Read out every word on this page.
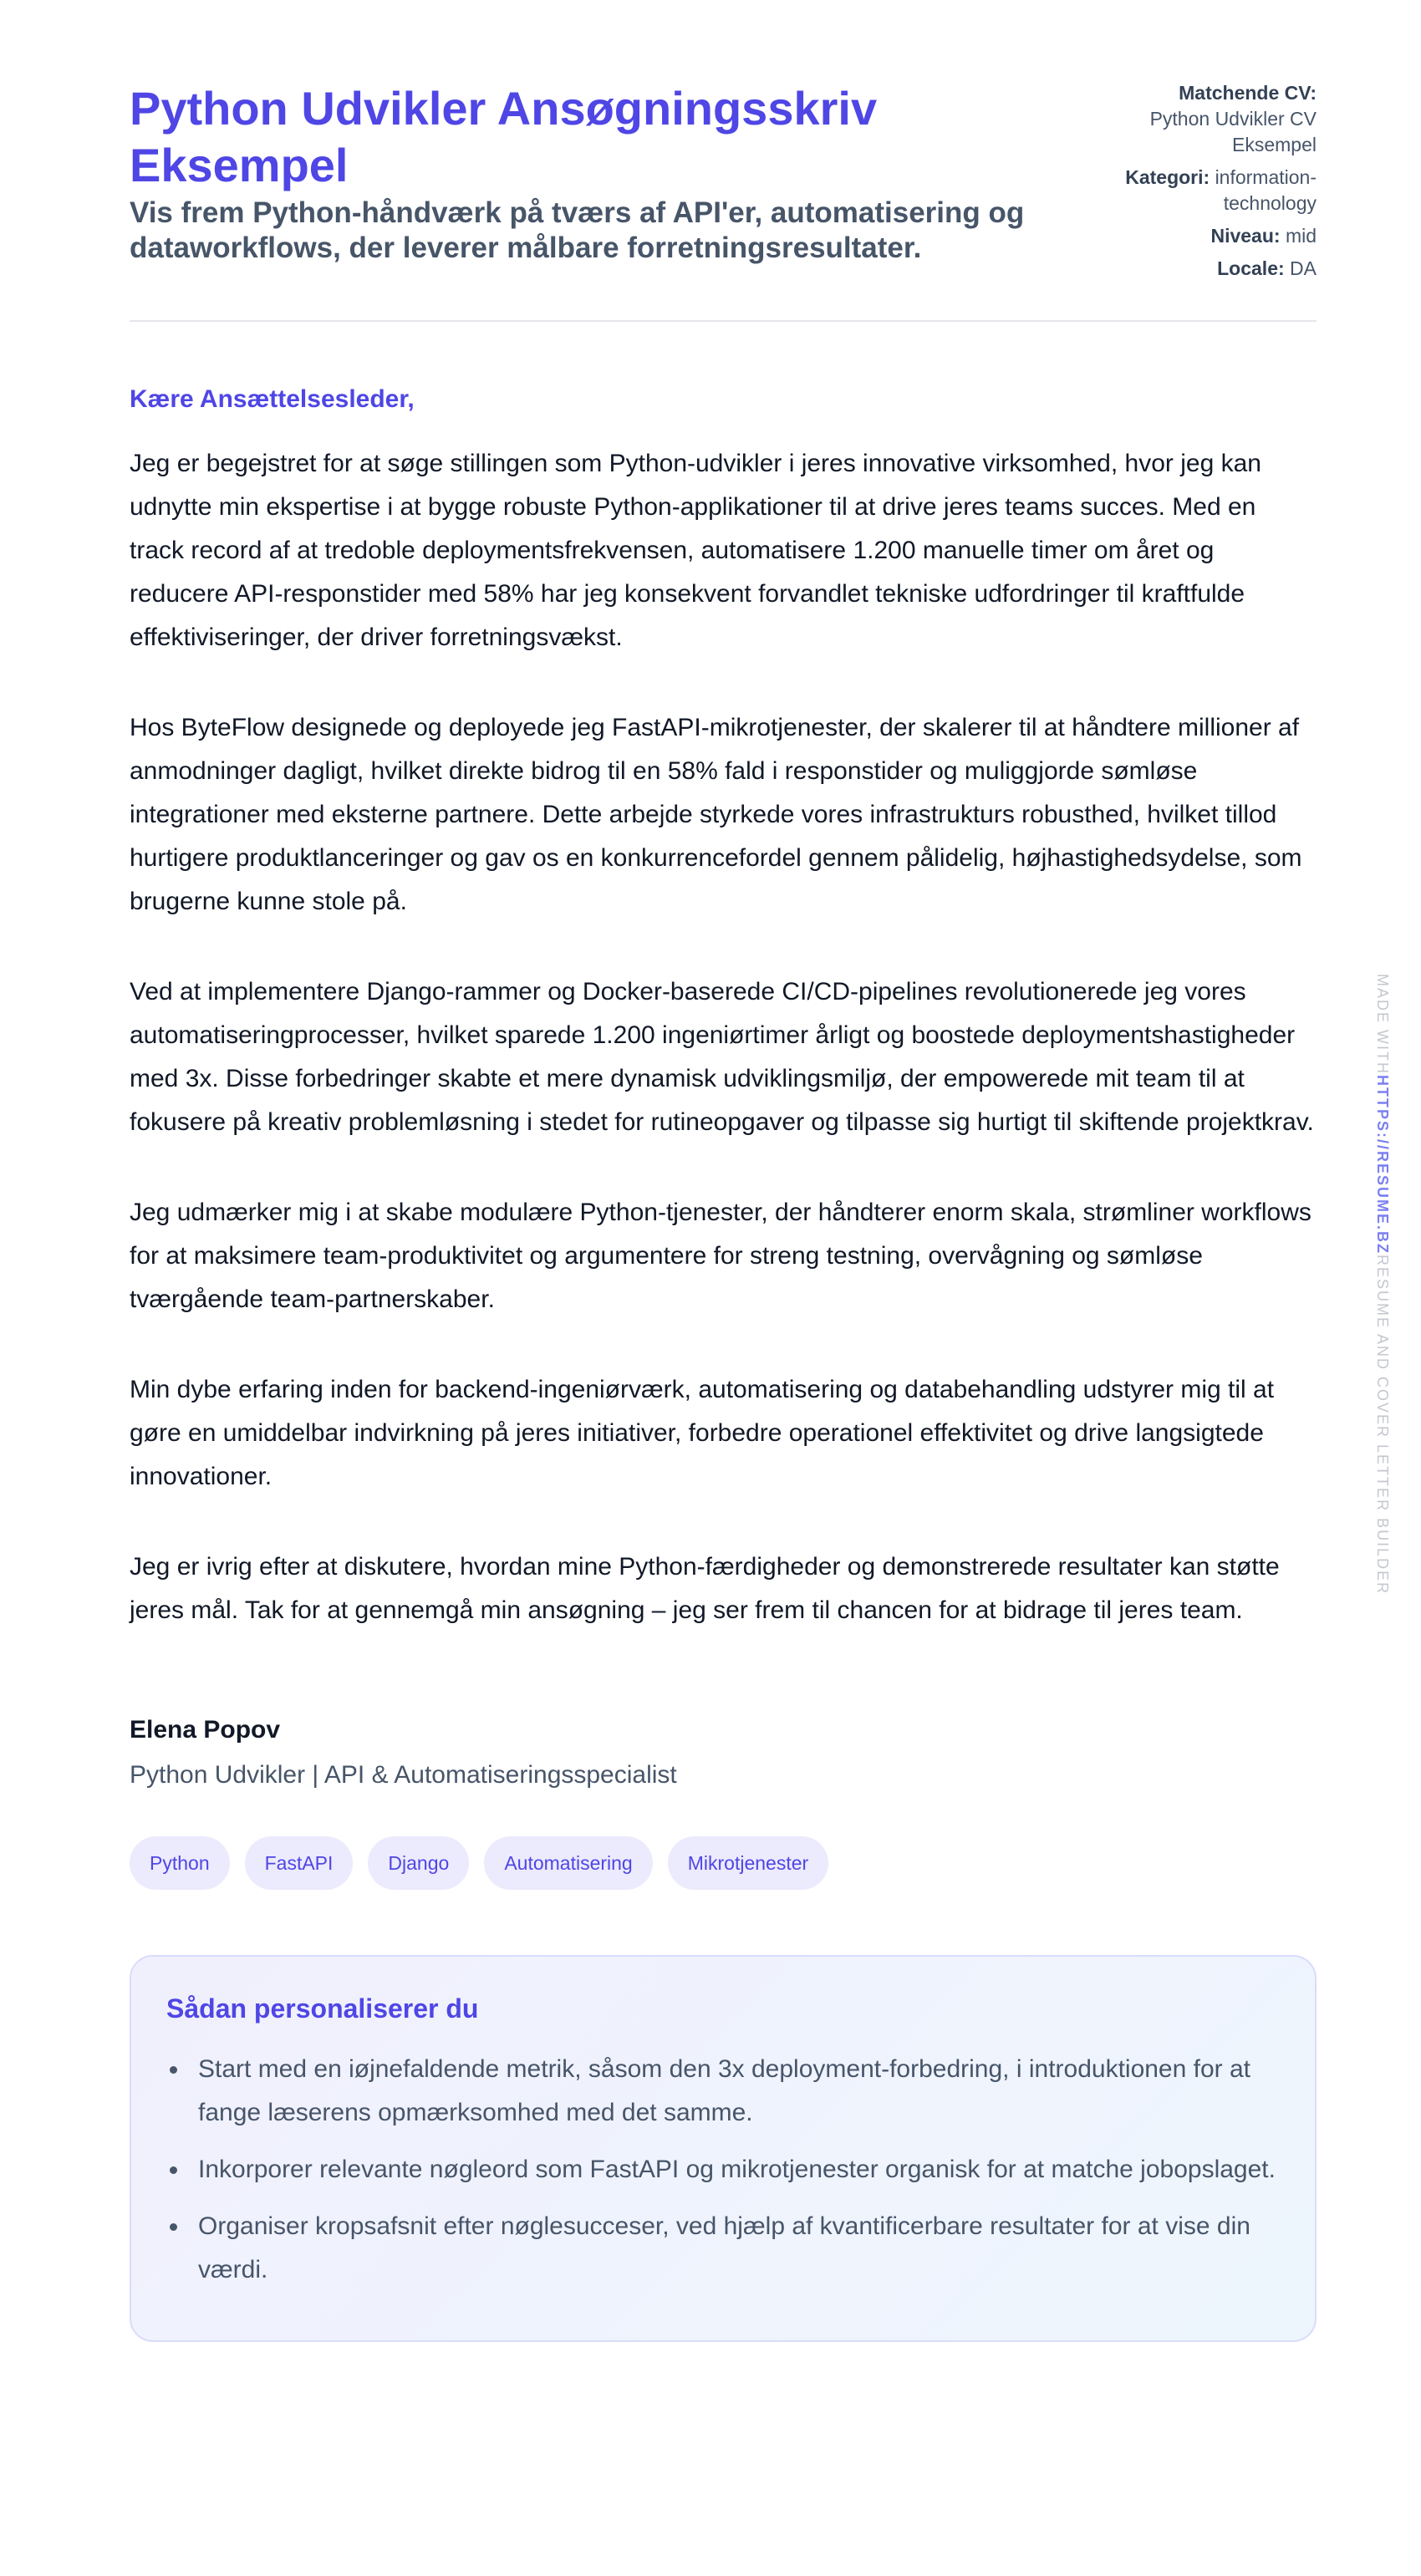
Python Udvikler Ansøgningsskriv Eksempel
Vis frem Python-håndværk på tværs af API'er, automatisering og dataworkflows, der leverer målbare forretningsresultater.
Matchende CV:
Python Udvikler CV Eksempel
Kategori: information-technology
Niveau: mid
Locale: DA
Kære Ansættelsesleder,

Jeg er begejstret for at søge stillingen som Python-udvikler i jeres innovative virksomhed, hvor jeg kan udnytte min ekspertise i at bygge robuste Python-applikationer til at drive jeres teams succes. Med en track record af at tredoble deploymentsfrekvensen, automatisere 1.200 manuelle timer om året og reducere API-responstider med 58% har jeg konsekvent forvandlet tekniske udfordringer til kraftfulde effektiviseringer, der driver forretningsvækst.

Hos ByteFlow designede og deployede jeg FastAPI-mikrotjenester, der skalerer til at håndtere millioner af anmodninger dagligt, hvilket direkte bidrog til en 58% fald i responstider og muliggjorde sømløse integrationer med eksterne partnere. Dette arbejde styrkede vores infrastrukturs robusthed, hvilket tillod hurtigere produktlanceringer og gav os en konkurrencefordel gennem pålidelig, højhastighedsydelse, som brugerne kunne stole på.

Ved at implementere Django-rammer og Docker-baserede CI/CD-pipelines revolutionerede jeg vores automatiseringprocesser, hvilket sparede 1.200 ingeniørtimer årligt og boostede deploymentshastigheder med 3x. Disse forbedringer skabte et mere dynamisk udviklingsmiljø, der empowerede mit team til at fokusere på kreativ problemløsning i stedet for rutineopgaver og tilpasse sig hurtigt til skiftende projektkrav.

Jeg udmærker mig i at skabe modulære Python-tjenester, der håndterer enorm skala, strømliner workflows for at maksimere team-produktivitet og argumentere for streng testning, overvågning og sømløse tværgående team-partnerskaber.

Min dybe erfaring inden for backend-ingeniørværk, automatisering og databehandling udstyrer mig til at gøre en umiddelbar indvirkning på jeres initiativer, forbedre operationel effektivitet og drive langsigtede innovationer.

Jeg er ivrig efter at diskutere, hvordan mine Python-færdigheder og demonstrerede resultater kan støtte jeres mål. Tak for at gennemgå min ansøgning – jeg ser frem til chancen for at bidrage til jeres team.

Elena Popov
Python Udvikler | API & Automatiseringsspecialist
Python	FastAPI	Django	Automatisering	Mikrotjenester
Sådan personaliserer du
Start med en iøjnefaldende metrik, såsom den 3x deployment-forbedring, i introduktionen for at fange læserens opmærksomhed med det samme.
Inkorporer relevante nøgleord som FastAPI og mikrotjenester organisk for at matche jobopslaget.
Organiser kropsafsnit efter nøglesucceser, ved hjælp af kvantificerbare resultater for at vise din værdi.
MADE WITHHTTPS://RESUME.BZRESUME AND COVER LETTER BUILDER
